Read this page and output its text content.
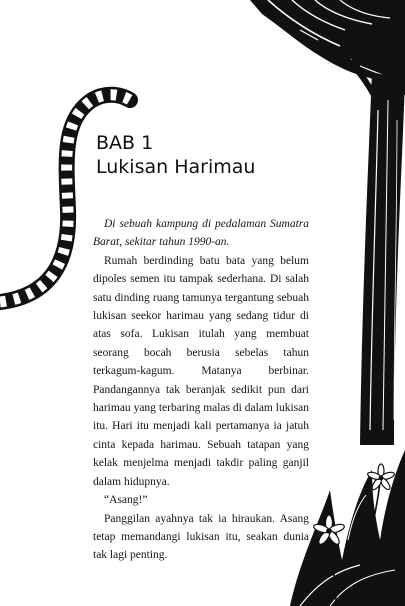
BAB 1
Lukisan Harimau

Di sebuah kampung di pedalaman Sumatra Barat, sekitar tahun 1990-an.

Rumah berdinding batu bata yang belum dipoles semen itu tampak sederhana. Di salah satu dinding ruang tamunya tergantung sebuah lukisan seekor harimau yang sedang tidur di atas sofa. Lukisan itulah yang membuat seorang bocah berusia sebelas tahun terkagum-kagum. Matanya berbinar. Pandangannya tak beranjak sedikit pun dari harimau yang terbaring malas di dalam lukisan itu. Hari itu menjadi kali pertamanya ia jatuh cinta kepada harimau. Sebuah tatapan yang kelak menjelma menjadi takdir paling ganjil dalam hidupnya.

“Asang!”

Panggilan ayahnya tak ia hiraukan. Asang tetap memandangi lukisan itu, seakan dunia tak lagi penting.
